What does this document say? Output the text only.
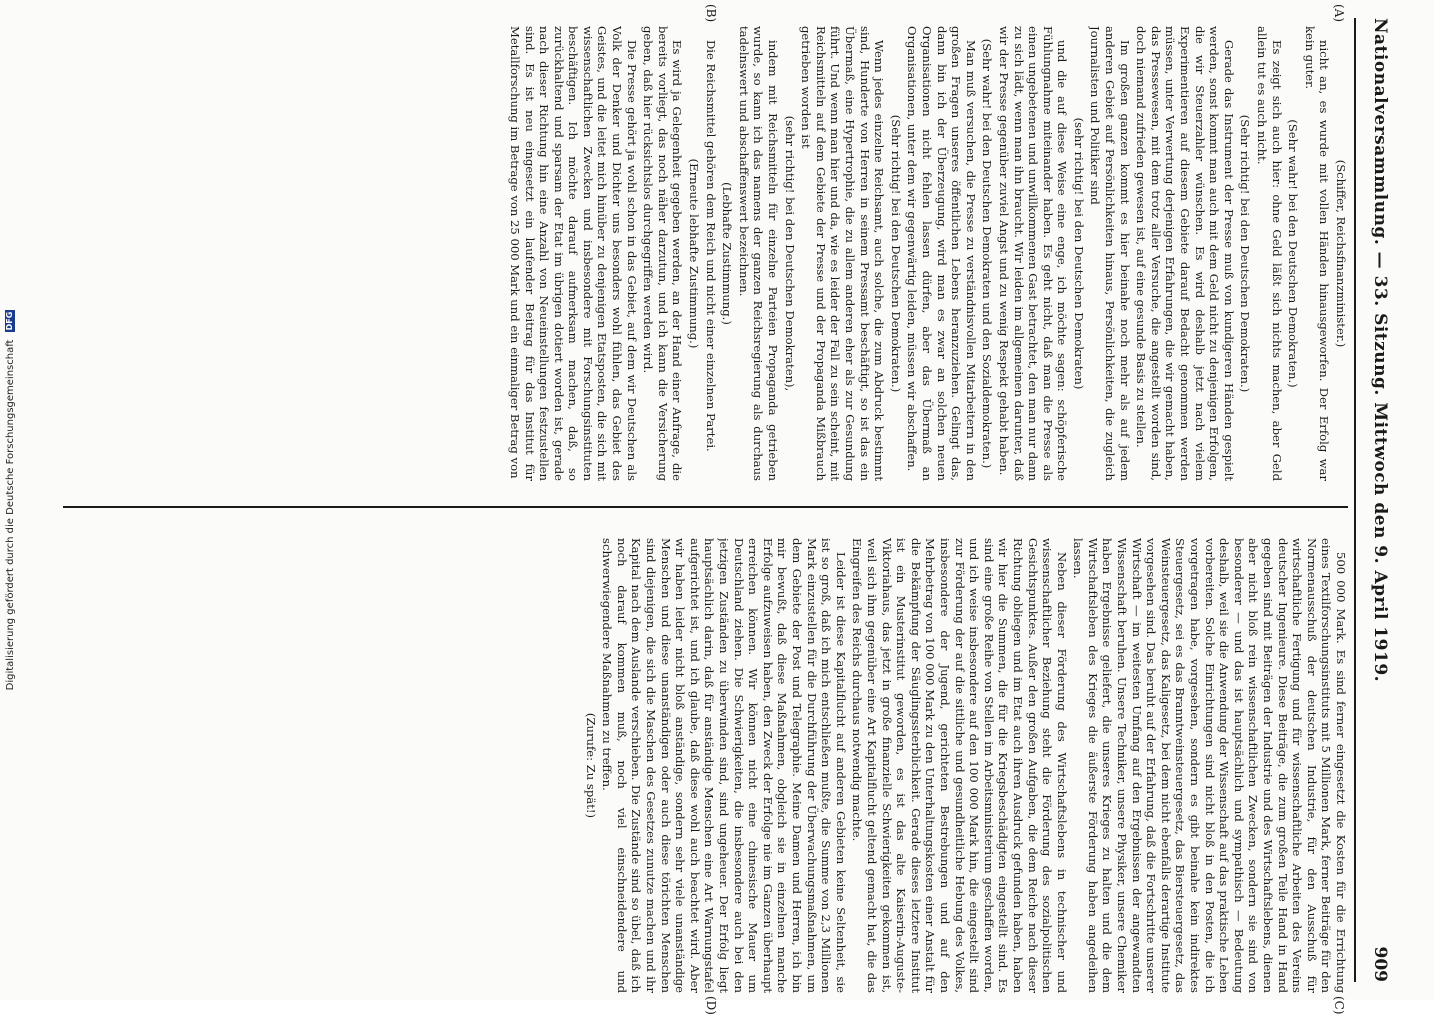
Nationalversammlung. — 33. Sitzung. Mittwoch den 9. April 1919.
909
(A)
(B)
(C)
(D)

(Schiffer, Reichsfinanzminister.)

nicht an, es wurde mit vollen Händen hinausgeworfen. Der Erfolg war kein guter.

(Sehr wahr! bei den Deutschen Demokraten.)

Es zeigt sich auch hier: ohne Geld läßt sich nichts machen, aber Geld allein tut es auch nicht.

(Sehr richtig! bei den Deutschen Demokraten.)

Gerade das Instrument der Presse muß von kundigeren Händen gespielt werden, sonst kommt man auch mit dem Geld nicht zu denjenigen Erfolgen, die wir Steuerzahler wünschen. Es wird deshalb jetzt nach vielem Experimentieren auf diesem Gebiete darauf Bedacht genommen werden müssen, unter Verwertung derjenigen Erfahrungen, die wir gemacht haben, das Pressewesen, mit dem trotz aller Versuche, die angestellt worden sind, doch niemand zufrieden gewesen ist, auf eine gesunde Basis zu stellen.

Im großen ganzen kommt es hier beinahe noch mehr als auf jedem anderen Gebiet auf Persönlichkeiten hinaus, Persönlichkeiten, die zugleich Journalisten und Politiker sind

(sehr richtig! bei den Deutschen Demokraten)

und die auf diese Weise eine enge, ich möchte sagen: schöpferische Fühlungnahme miteinander haben. Es geht nicht, daß man die Presse als einen ungebetenen und unwillkommenen Gast betrachtet, den man nur dann zu sich lädt, wenn man ihn braucht. Wir leiden im allgemeinen darunter, daß wir der Presse gegenüber zuviel Angst und zu wenig Respekt gehabt haben.

(Sehr wahr! bei den Deutschen Demokraten und den Sozialdemokraten.)

Man muß versuchen, die Presse zu verständnisvollen Mitarbeitern in den großen Fragen unseres öffentlichen Lebens heranzuziehen. Gelingt das, dann bin ich der Überzeugung, wird man es zwar an solchen neuen Organisationen nicht fehlen lassen dürfen, aber das Übermaß an Organisationen, unter dem wir gegenwärtig leiden, müssen wir abschaffen.

(Sehr richtig! bei den Deutschen Demokraten.)

Wenn jedes einzelne Reichsamt, auch solche, die zum Abdruck bestimmt sind, Hunderte von Herren in seinem Pressamt beschäftigt, so ist das ein Übermaß, eine Hypertrophie, die zu allem anderen eher als zur Gesundung führt. Und wenn man hier und da, wie es leider der Fall zu sein scheint, mit Reichsmitteln auf dem Gebiete der Presse und der Propaganda Mißbrauch getrieben worden ist

(sehr richtig! bei den Deutschen Demokraten),

indem mit Reichsmitteln für einzelne Parteien Propaganda getrieben wurde, so kann ich das namens der ganzen Reichsregierung als durchaus tadelnswert und abschaffenswert bezeichnen.

(Lebhafte Zustimmung.)

Die Reichsmittel gehören dem Reich und nicht einer einzelnen Partei.

(Erneute lebhafte Zustimmung.)

Es wird ja Gelegenheit gegeben werden, an der Hand einer Anfrage, die bereits vorliegt, das noch näher darzutun, und ich kann die Versicherung geben, daß hier rücksichtslos durchgegriffen werden wird.

Die Presse gehört ja wohl schon in das Gebiet, auf dem wir Deutschen als Volk der Denker und Dichter uns besonders wohl fühlen, das Gebiet des Geistes, und die leitet mich hinüber zu denjenigen Etatsposten, die sich mit wissenschaftlichen Zwecken und insbesondere mit Forschungsinstituten beschäftigen. Ich möchte darauf aufmerksam machen, daß, so zurückhaltend und sparsam der Etat im übrigen dotiert worden ist, gerade nach dieser Richtung hin eine Anzahl von Neueinstellungen festzustellen sind. Es ist neu eingesetzt ein laufender Beitrag für das Institut für Metallforschung im Betrage von 25 000 Mark und ein einmaliger Betrag von

500 000 Mark. Es sind ferner eingesetzt die Kosten für die Errichtung eines Textilforschungsinstituts mit 5 Millionen Mark, ferner Beiträge für den Normenausschuß der deutschen Industrie, für den Ausschuß für wirtschaftliche Fertigung und für wissenschaftliche Arbeiten des Vereins deutscher Ingenieure. Diese Beiträge, die zum großen Teile Hand in Hand gegeben sind mit Beiträgen der Industrie und des Wirtschaftslebens, dienen aber nicht bloß rein wissenschaftlichen Zwecken, sondern sie sind von besonderer — und das ist hauptsächlich und sympathisch — Bedeutung deshalb, weil sie die Anwendung der Wissenschaft auf das praktische Leben vorbereiten. Solche Einrichtungen sind nicht bloß in den Posten, die ich vorgetragen habe, vorgesehen, sondern es gibt beinahe kein indirektes Steuergesetz, sei es das Branntweinsteuergesetz, das Biersteuergesetz, das Weinsteuergesetz, das Kaligesetz, bei dem nicht ebenfalls derartige Institute vorgesehen sind. Das beruht auf der Erfahrung, daß die Fortschritte unserer Wirtschaft — im weitesten Umfang auf den Ergebnissen der angewandten Wissenschaft beruhen. Unsere Techniker, unsere Physiker, unsere Chemiker haben Ergebnisse geliefert, die unseres Krieges zu halten und die dem Wirtschaftsleben des Krieges die äußerste Förderung haben angedeihen lassen.

Neben dieser Förderung des Wirtschaftslebens in technischer und wissenschaftlicher Beziehung steht die Förderung des sozialpolitischen Gesichtspunktes. Außer den großen Aufgaben, die dem Reiche nach dieser Richtung obliegen und im Etat auch ihren Ausdruck gefunden haben, haben wir hier die Summen, die für die Kriegsbeschädigten eingestellt sind. Es sind eine große Reihe von Stellen im Arbeitsministerium geschaffen worden, und ich weise insbesondere auf den 100 000 Mark hin, die eingestellt sind zur Förderung der auf die sittliche und gesundheitliche Hebung des Volkes, insbesondere der Jugend, gerichteten Bestrebungen und auf den Mehrbetrag von 100 000 Mark zu den Unterhaltungskosten einer Anstalt für die Bekämpfung der Säuglingssterblichkeit. Gerade dieses letztere Institut ist ein Musterinstitut geworden, es ist das alte Kaiserin-Auguste-Viktoriahaus, das jetzt in große finanzielle Schwierigkeiten gekommen ist, weil sich ihm gegenüber eine Art Kapitalflucht geltend gemacht hat, die das Eingreifen des Reichs durchaus notwendig machte.

Leider ist diese Kapitalflucht auf anderen Gebieten keine Seltenheit, sie ist so groß, daß ich mich entschließen mußte, die Summe von 2,3 Millionen Mark einzustellen für die Durchführung der Überwachungsmaßnahmen, um dem Gebiete der Post und Telegraphie. Meine Damen und Herren, ich bin mir bewußt, daß diese Maßnahmen, obgleich sie in einzelnen manche Erfolge aufzuweisen haben, den Zweck der Erfolge nie im Ganzen überhaupt erreichen können. Wir können nicht eine chinesische Mauer um Deutschland ziehen. Die Schwierigkeiten, die insbesondere auch bei den jetzigen Zuständen zu überwinden sind, sind ungeheuer. Der Erfolg liegt hauptsächlich darin, daß für anständige Menschen eine Art Warnungstafel aufgerichtet ist, und ich glaube, daß diese wohl auch beachtet wird. Aber wir haben leider nicht bloß anständige, sondern sehr viele unanständige Menschen und diese unanständigen oder auch diese törichten Menschen sind diejenigen, die sich die Maschen des Gesetzes zunutze machen und ihr Kapital nach dem Auslande verschieben. Die Zustände sind so übel, daß ich noch darauf kommen muß, noch viel einschneidendere und schwerwiegendere Maßnahmen zu treffen.

(Zurufe: Zu spät!)

Digitalisierung gefördert durch die Deutsche Forschungsgemeinschaft DFG
